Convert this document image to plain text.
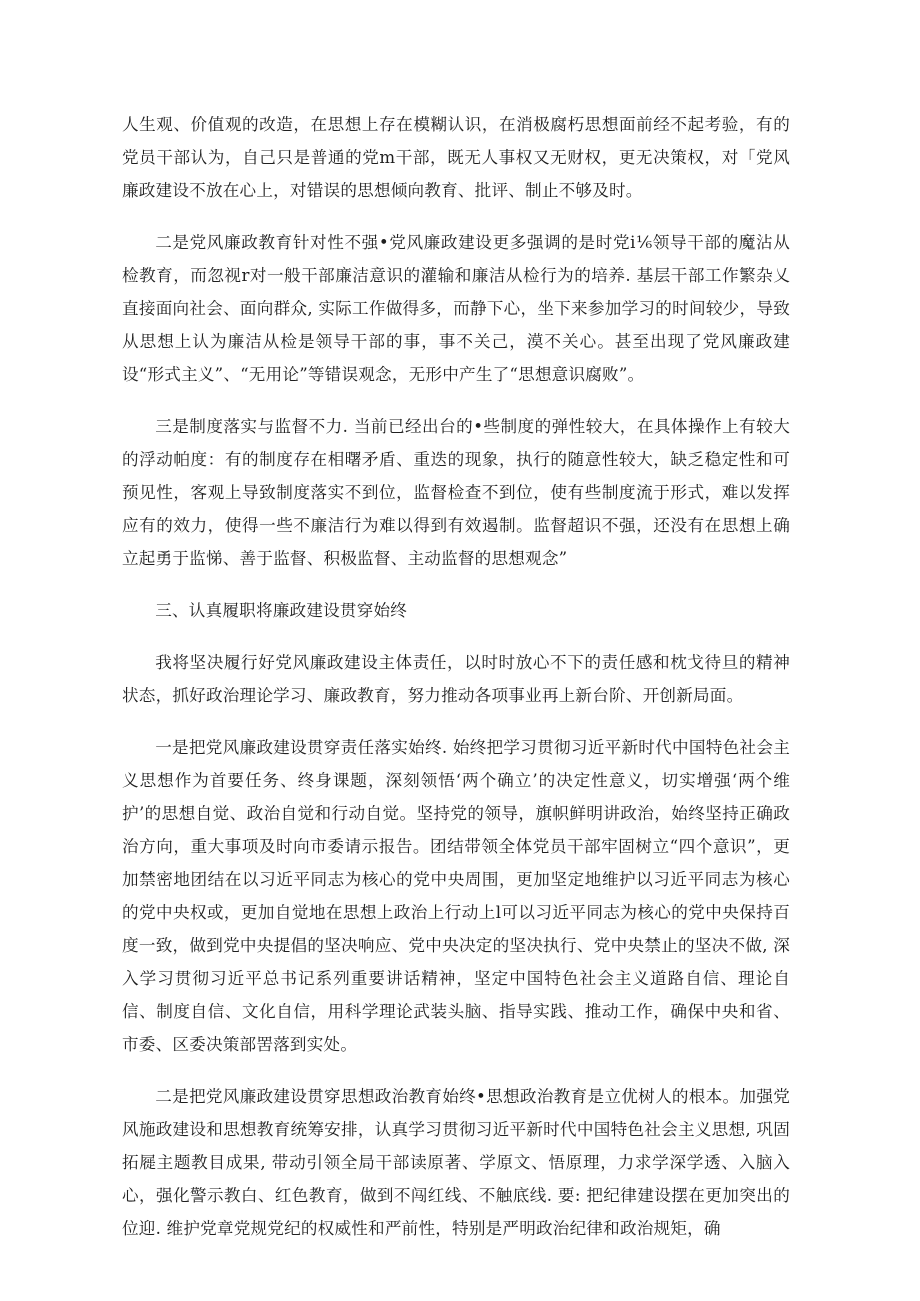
人生观、价值观的改造，在思想上存在模糊认识，在消极腐朽思想面前经不起考验，有的党员干部认为，自己只是普通的党m干部，既无人事权又无财权，更无决策权，对「党风廉政建设不放在心上，对错误的思想倾向教育、批评、制止不够及时。

二是党风廉政教育针对性不强•党风廉政建设更多强调的是时党i⅙领导干部的魔沾从检教育，而忽视r对一般干部廉洁意识的灌输和廉洁从检行为的培养. 基层干部工作繁杂乂直接面向社会、面向群众, 实际工作做得多，而静下心，坐下来参加学习的时间较少，导致从思想上认为廉洁从检是领导干部的事，事不关己，漠不关心。甚至出现了党风廉政建设“形式主义”、“无用论”等错误观念，无形中产生了“思想意识腐败”。

三是制度落实与监督不力. 当前已经出台的•些制度的弹性较大，在具体操作上有较大的浮动帕度：有的制度存在相曙矛盾、重迭的现象，执行的随意性较大，缺乏稳定性和可预见性，客观上导致制度落实不到位，监督检查不到位，使有些制度流于形式，难以发挥应有的效力，使得一些不廉洁行为难以得到有效遏制。监督超识不强，还没有在思想上确立起勇于监悌、善于监督、积极监督、主动监督的思想观念”

三、认真履职将廉政建设贯穿始终

我将坚决履行好党风廉政建设主体责任，以时时放心不下的责任感和枕戈待旦的精神状态，抓好政治理论学习、廉政教育，努力推动各项事业再上新台阶、开创新局面。

一是把党风廉政建设贯穿责任落实始终. 始终把学习贯彻习近平新时代中国特色社会主义思想作为首要任务、终身课题，深刻领悟‘两个确立’的决定性意义，切实增强‘两个维护’的思想自觉、政治自觉和行动自觉。坚持党的领导，旗帜鲜明讲政治，始终坚持正确政治方向，重大事项及时向市委请示报告。团结带领全体党员干部牢固树立“四个意识”，更加禁密地团结在以习近平同志为核心的党中央周围，更加坚定地维护以习近平同志为核心的党中央权或，更加自觉地在思想上政治上行动上l可以习近平同志为核心的党中央保持百度一致，做到党中央提倡的坚决响应、党中央决定的坚决执行、党中央禁止的坚决不做, 深入学习贯彻习近平总书记系列重要讲话精神，坚定中国特色社会主义道路自信、理论自信、制度自信、文化自信，用科学理论武装头脑、指导实践、推动工作，确保中央和省、市委、区委决策部罟落到实处。

二是把党风廉政建设贯穿思想政治教育始终•思想政治教育是立优树人的根本。加强党风施政建设和思想教育统筹安排，认真学习贯彻习近平新时代中国特色社会主义思想, 巩固拓屣主题教目成果, 带动引领全局干部读原著、学原文、悟原理，力求学深学透、入脑入心，强化警示教白、红色教育，做到不闯红线、不触底线. 要: 把纪律建设摆在更加突出的位迎. 维护党章党规党纪的权威性和严前性，特别是严明政治纪律和政治规矩，确
